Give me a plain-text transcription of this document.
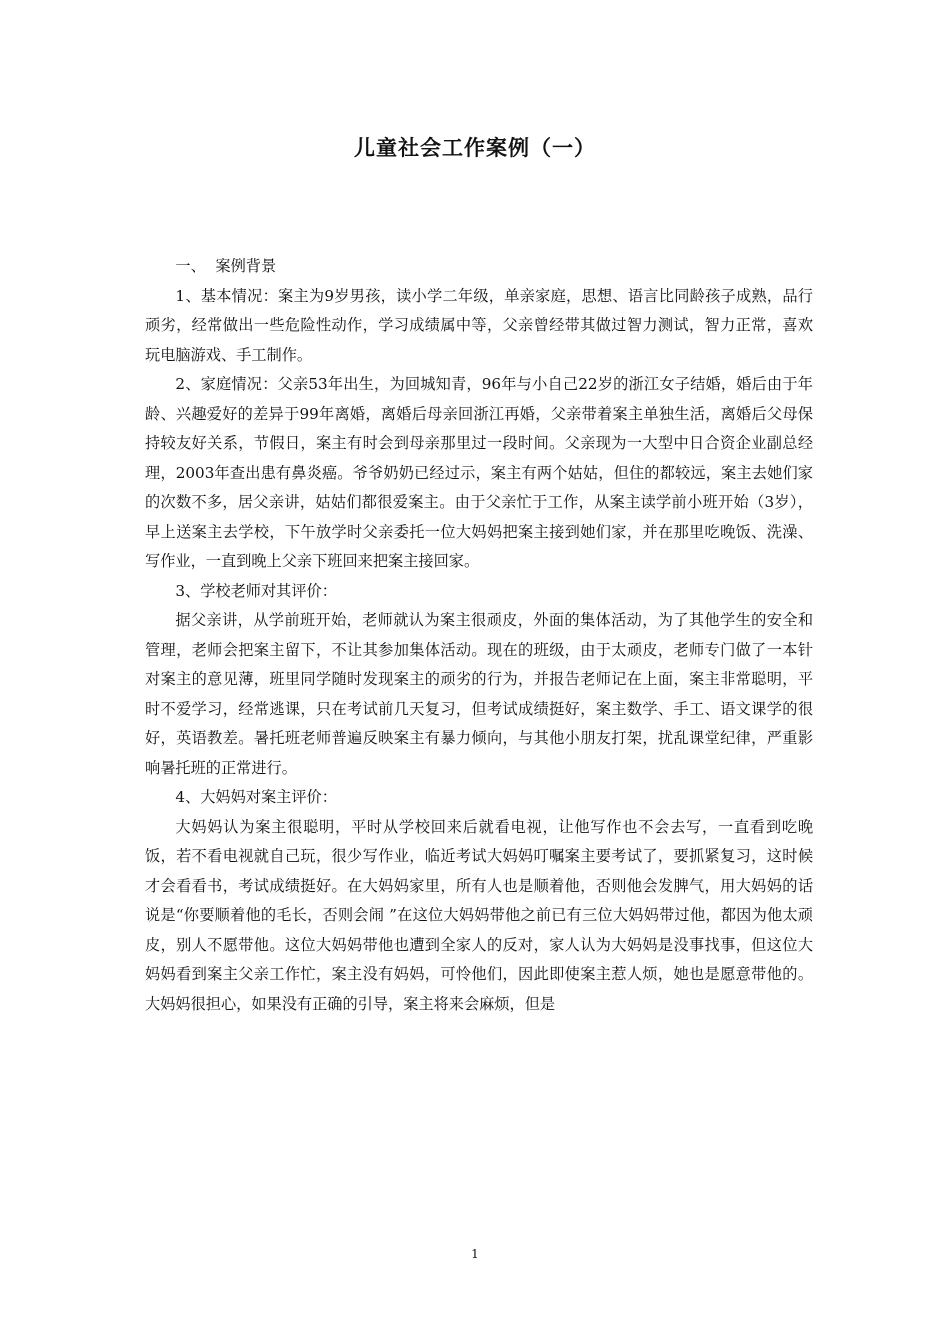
儿童社会工作案例（一）

一、  案例背景

1、基本情况：案主为9岁男孩，读小学二年级，单亲家庭，思想、语言比同龄孩子成熟，品行顽劣，经常做出一些危险性动作，学习成绩属中等，父亲曾经带其做过智力测试，智力正常，喜欢玩电脑游戏、手工制作。

2、家庭情况：父亲53年出生，为回城知青，96年与小自己22岁的浙江女子结婚，婚后由于年龄、兴趣爱好的差异于99年离婚，离婚后母亲回浙江再婚，父亲带着案主单独生活，离婚后父母保持较友好关系，节假日，案主有时会到母亲那里过一段时间。父亲现为一大型中日合资企业副总经理，2003年查出患有鼻炎癌。爷爷奶奶已经过示，案主有两个姑姑，但住的都较远，案主去她们家的次数不多，居父亲讲，姑姑们都很爱案主。由于父亲忙于工作，从案主读学前小班开始（3岁），早上送案主去学校，下午放学时父亲委托一位大妈妈把案主接到她们家，并在那里吃晚饭、洗澡、写作业，一直到晚上父亲下班回来把案主接回家。

3、学校老师对其评价：

据父亲讲，从学前班开始，老师就认为案主很顽皮，外面的集体活动，为了其他学生的安全和管理，老师会把案主留下，不让其参加集体活动。现在的班级，由于太顽皮，老师专门做了一本针对案主的意见薄，班里同学随时发现案主的顽劣的行为，并报告老师记在上面，案主非常聪明，平时不爱学习，经常逃课，只在考试前几天复习，但考试成绩挺好，案主数学、手工、语文课学的很好，英语教差。暑托班老师普遍反映案主有暴力倾向，与其他小朋友打架，扰乱课堂纪律，严重影响暑托班的正常进行。

4、大妈妈对案主评价：

大妈妈认为案主很聪明，平时从学校回来后就看电视，让他写作也不会去写，一直看到吃晚饭，若不看电视就自己玩，很少写作业，临近考试大妈妈叮嘱案主要考试了，要抓紧复习，这时候才会看看书，考试成绩挺好。在大妈妈家里，所有人也是顺着他，否则他会发脾气，用大妈妈的话说是“你要顺着他的毛长，否则会闹 ”在这位大妈妈带他之前已有三位大妈妈带过他，都因为他太顽皮，别人不愿带他。这位大妈妈带他也遭到全家人的反对，家人认为大妈妈是没事找事，但这位大妈妈看到案主父亲工作忙，案主没有妈妈，可怜他们，因此即使案主惹人烦，她也是愿意带他的。大妈妈很担心，如果没有正确的引导，案主将来会麻烦，但是

1
